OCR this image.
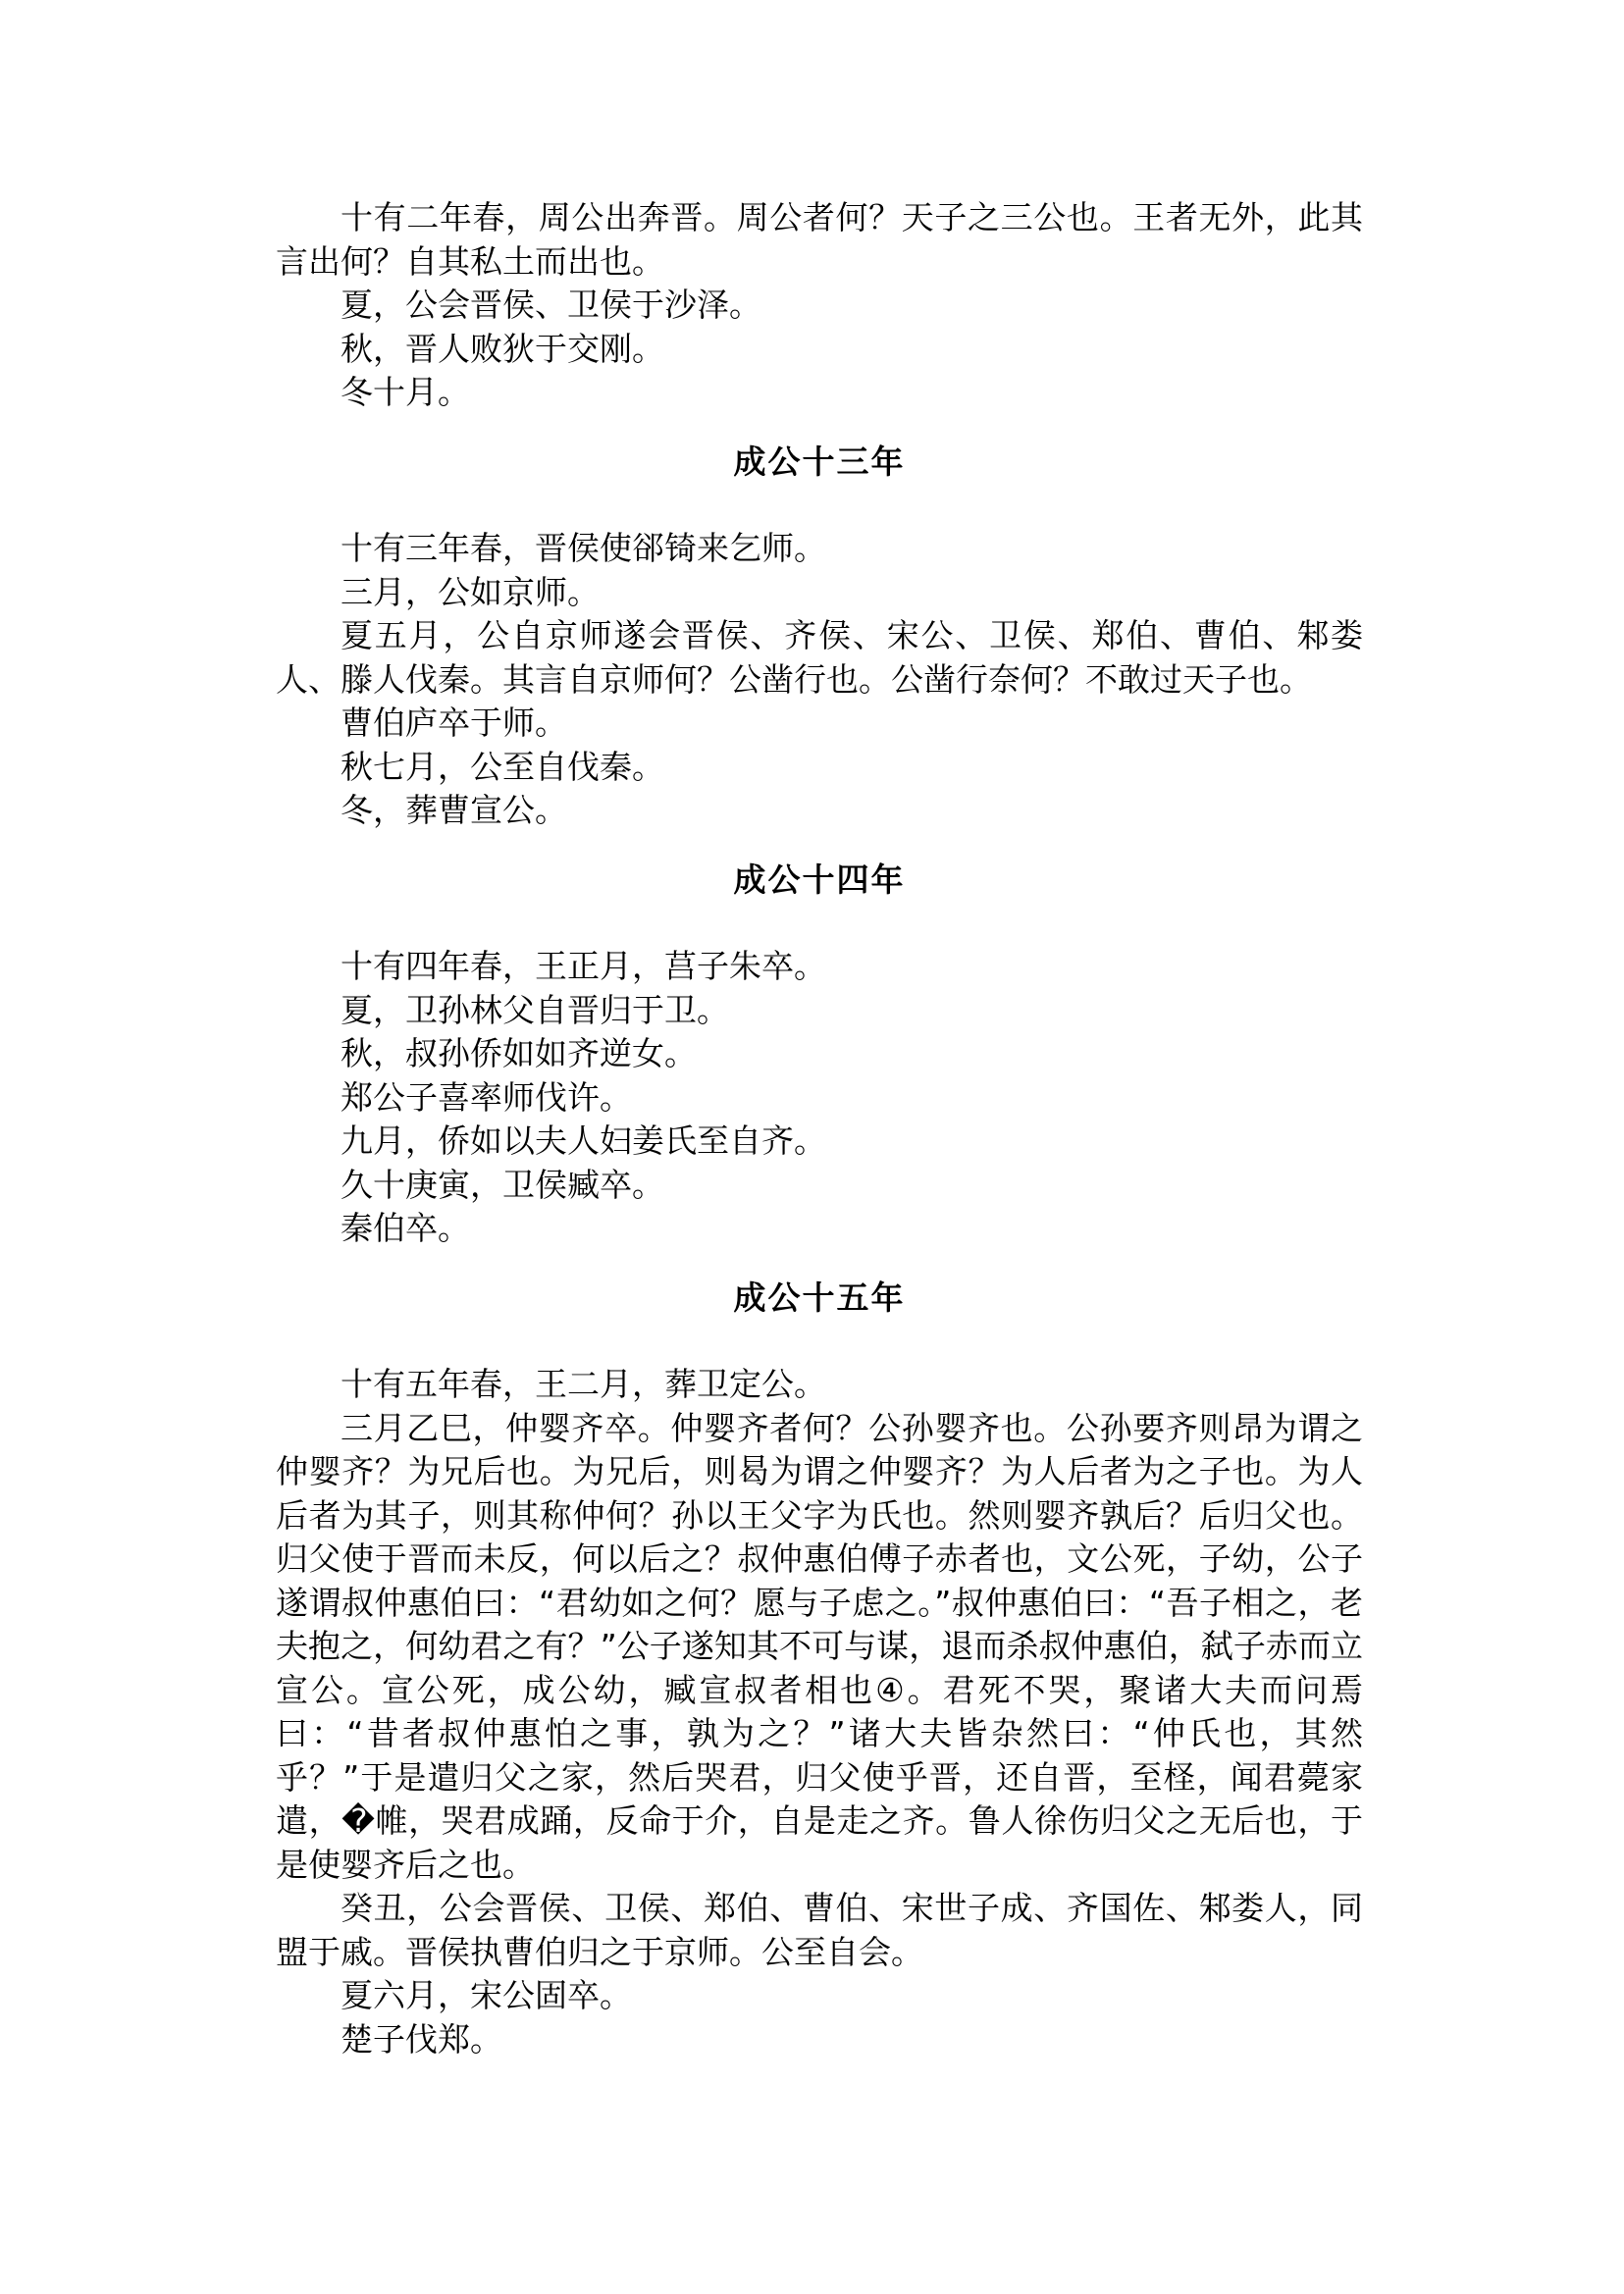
十有二年春，周公出奔晋。周公者何？天子之三公也。王者无外，此其言出何？自其私土而出也。

夏，公会晋侯、卫侯于沙泽。

秋，晋人败狄于交刚。

冬十月。

成公十三年

十有三年春，晋侯使郤锜来乞师。

三月，公如京师。

夏五月，公自京师遂会晋侯、齐侯、宋公、卫侯、郑伯、曹伯、邾娄人、滕人伐秦。其言自京师何？公凿行也。公凿行奈何？不敢过天子也。

曹伯庐卒于师。

秋七月，公至自伐秦。

冬，葬曹宣公。

成公十四年

十有四年春，王正月，莒子朱卒。

夏，卫孙林父自晋归于卫。

秋，叔孙侨如如齐逆女。

郑公子喜率师伐许。

九月，侨如以夫人妇姜氏至自齐。

久十庚寅，卫侯臧卒。

秦伯卒。

成公十五年

十有五年春，王二月，葬卫定公。

三月乙巳，仲婴齐卒。仲婴齐者何？公孙婴齐也。公孙要齐则昂为谓之仲婴齐？为兄后也。为兄后，则曷为谓之仲婴齐？为人后者为之子也。为人后者为其子，则其称仲何？孙以王父字为氏也。然则婴齐孰后？后归父也。归父使于晋而未反，何以后之？叔仲惠伯傅子赤者也，文公死，子幼，公子遂谓叔仲惠伯曰：“君幼如之何？愿与子虑之。”叔仲惠伯曰：“吾子相之，老夫抱之，何幼君之有？”公子遂知其不可与谋，退而杀叔仲惠伯，弑子赤而立宣公。宣公死，成公幼，臧宣叔者相也④。君死不哭，聚诸大夫而问焉曰：“昔者叔仲惠怕之事，孰为之？”诸大夫皆杂然曰：“仲氏也，其然乎？”于是遣归父之家，然后哭君，归父使乎晋，还自晋，至柽，闻君薨家遣，�帷，哭君成踊，反命于介，自是走之齐。鲁人徐伤归父之无后也，于是使婴齐后之也。

癸丑，公会晋侯、卫侯、郑伯、曹伯、宋世子成、齐国佐、邾娄人，同盟于戚。晋侯执曹伯归之于京师。公至自会。

夏六月，宋公固卒。

楚子伐郑。
